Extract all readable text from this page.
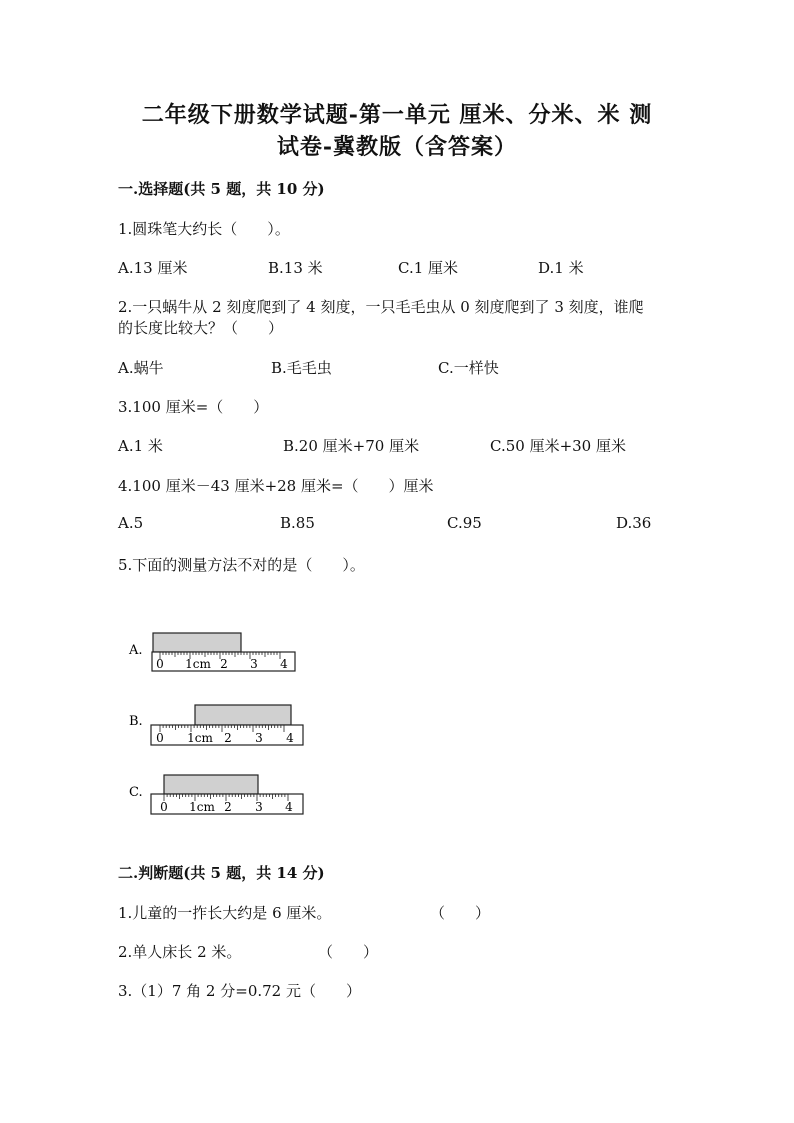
二年级下册数学试题-第一单元 厘米、分米、米 测
试卷-冀教版（含答案）
一.选择题(共 5 题，共 10 分)
1.圆珠笔大约长（　　）。
A.13 厘米	B.13 米	C.1 厘米	D.1 米
2.一只蜗牛从 2 刻度爬到了 4 刻度，一只毛毛虫从 0 刻度爬到了 3 刻度，谁爬
的长度比较大？（　　）
A.蜗牛	B.毛毛虫	C.一样快
3.100 厘米=（　　）
A.1 米	B.20 厘米+70 厘米	C.50 厘米+30 厘米
4.100 厘米－43 厘米+28 厘米=（　　）厘米
A.5	B.85	C.95	D.36
5.下面的测量方法不对的是（　　）。
A.
0 1cm 2 3 4
B.
0 1cm 2 3 4
C.
0 1cm 2 3 4
二.判断题(共 5 题，共 14 分)
1.儿童的一拃长大约是 6 厘米。	（　　）
2.单人床长 2 米。	（　　）
3.（1）7 角 2 分=0.72 元（　　）
